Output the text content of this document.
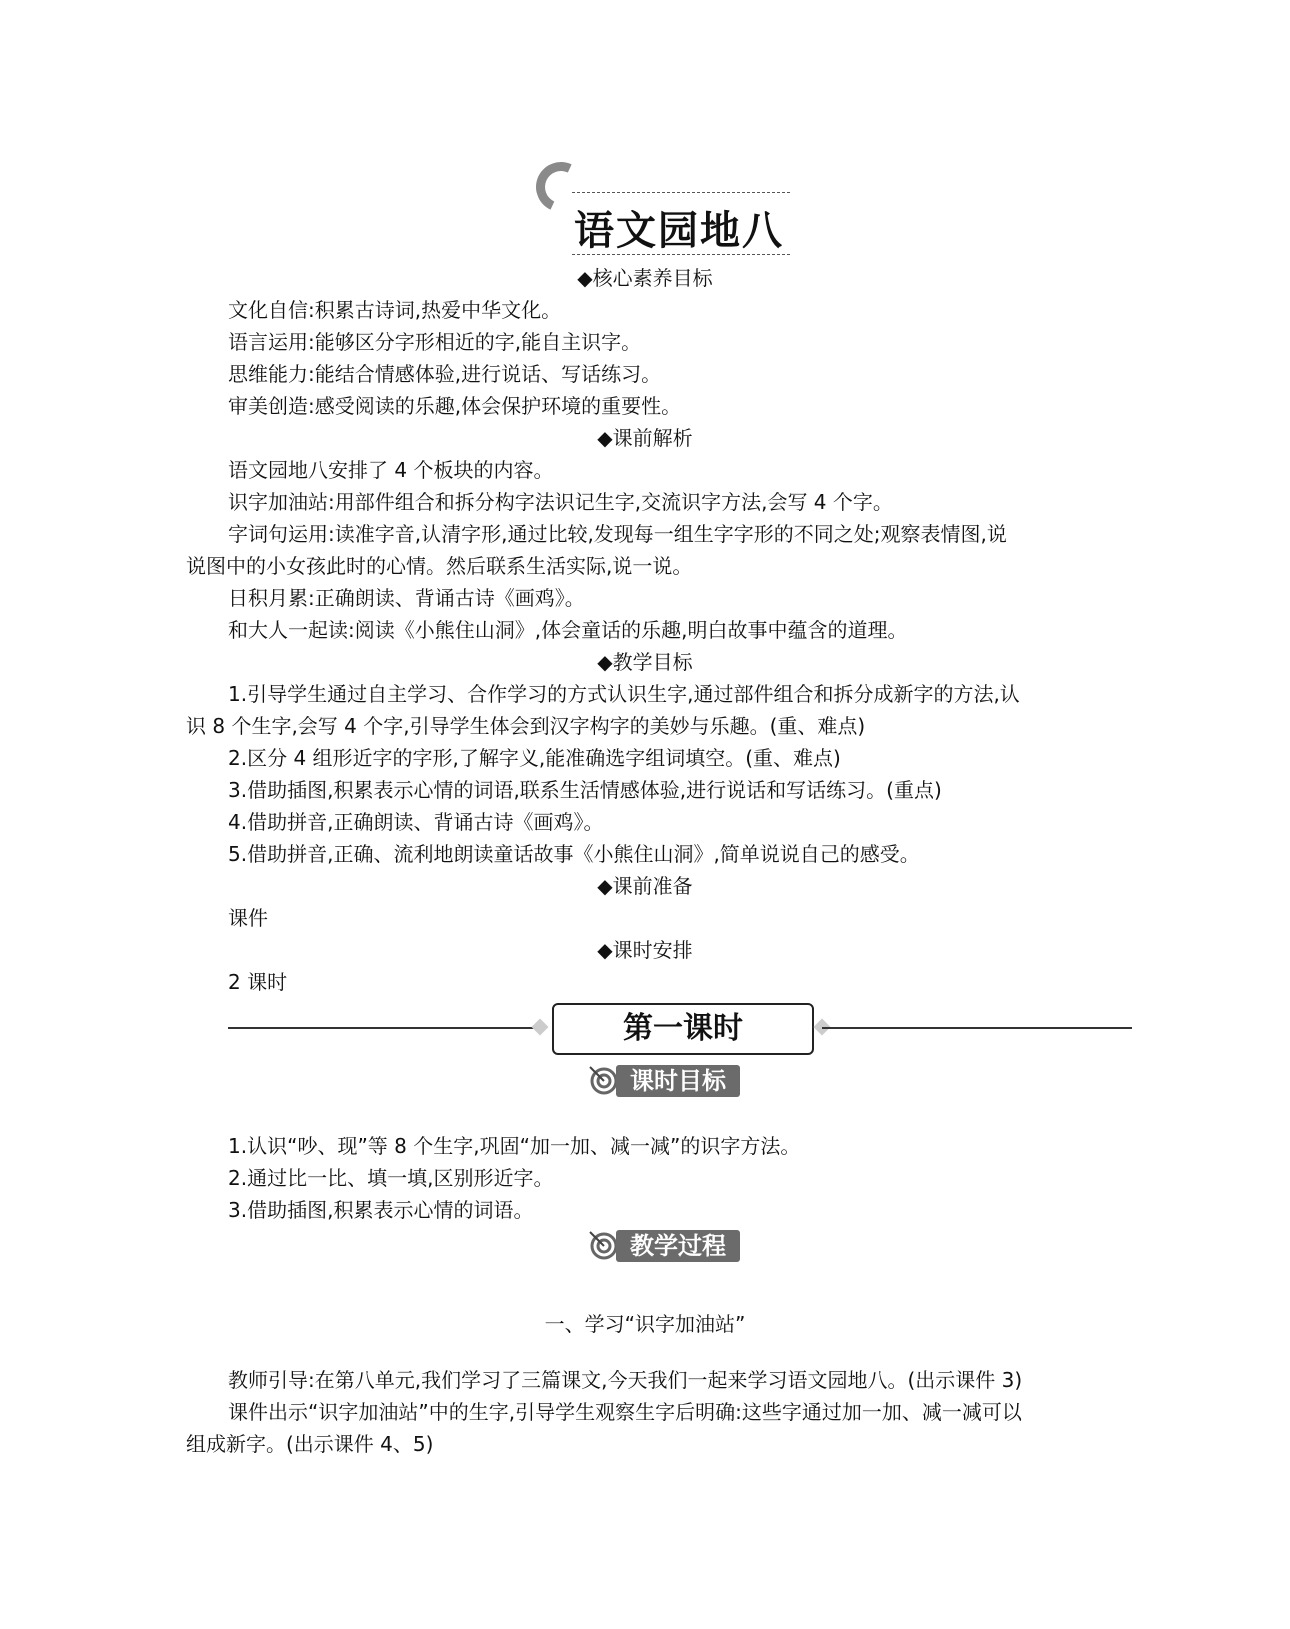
语文园地八
◆核心素养目标
文化自信:积累古诗词,热爱中华文化。
语言运用:能够区分字形相近的字,能自主识字。
思维能力:能结合情感体验,进行说话、写话练习。
审美创造:感受阅读的乐趣,体会保护环境的重要性。
◆课前解析
语文园地八安排了 4 个板块的内容。
识字加油站:用部件组合和拆分构字法识记生字,交流识字方法,会写 4 个字。
字词句运用:读准字音,认清字形,通过比较,发现每一组生字字形的不同之处;观察表情图,说
说图中的小女孩此时的心情。然后联系生活实际,说一说。
日积月累:正确朗读、背诵古诗《画鸡》。
和大人一起读:阅读《小熊住山洞》,体会童话的乐趣,明白故事中蕴含的道理。
◆教学目标
1.引导学生通过自主学习、合作学习的方式认识生字,通过部件组合和拆分成新字的方法,认
识 8 个生字,会写 4 个字,引导学生体会到汉字构字的美妙与乐趣。(重、难点)
2.区分 4 组形近字的字形,了解字义,能准确选字组词填空。(重、难点)
3.借助插图,积累表示心情的词语,联系生活情感体验,进行说话和写话练习。(重点)
4.借助拼音,正确朗读、背诵古诗《画鸡》。
5.借助拼音,正确、流利地朗读童话故事《小熊住山洞》,简单说说自己的感受。
◆课前准备
课件
◆课时安排
2 课时
第一课时
课时目标
1.认识“吵、现”等 8 个生字,巩固“加一加、减一减”的识字方法。
2.通过比一比、填一填,区别形近字。
3.借助插图,积累表示心情的词语。
教学过程
一、学习“识字加油站”
教师引导:在第八单元,我们学习了三篇课文,今天我们一起来学习语文园地八。(出示课件 3)
课件出示“识字加油站”中的生字,引导学生观察生字后明确:这些字通过加一加、减一减可以
组成新字。(出示课件 4、5)
